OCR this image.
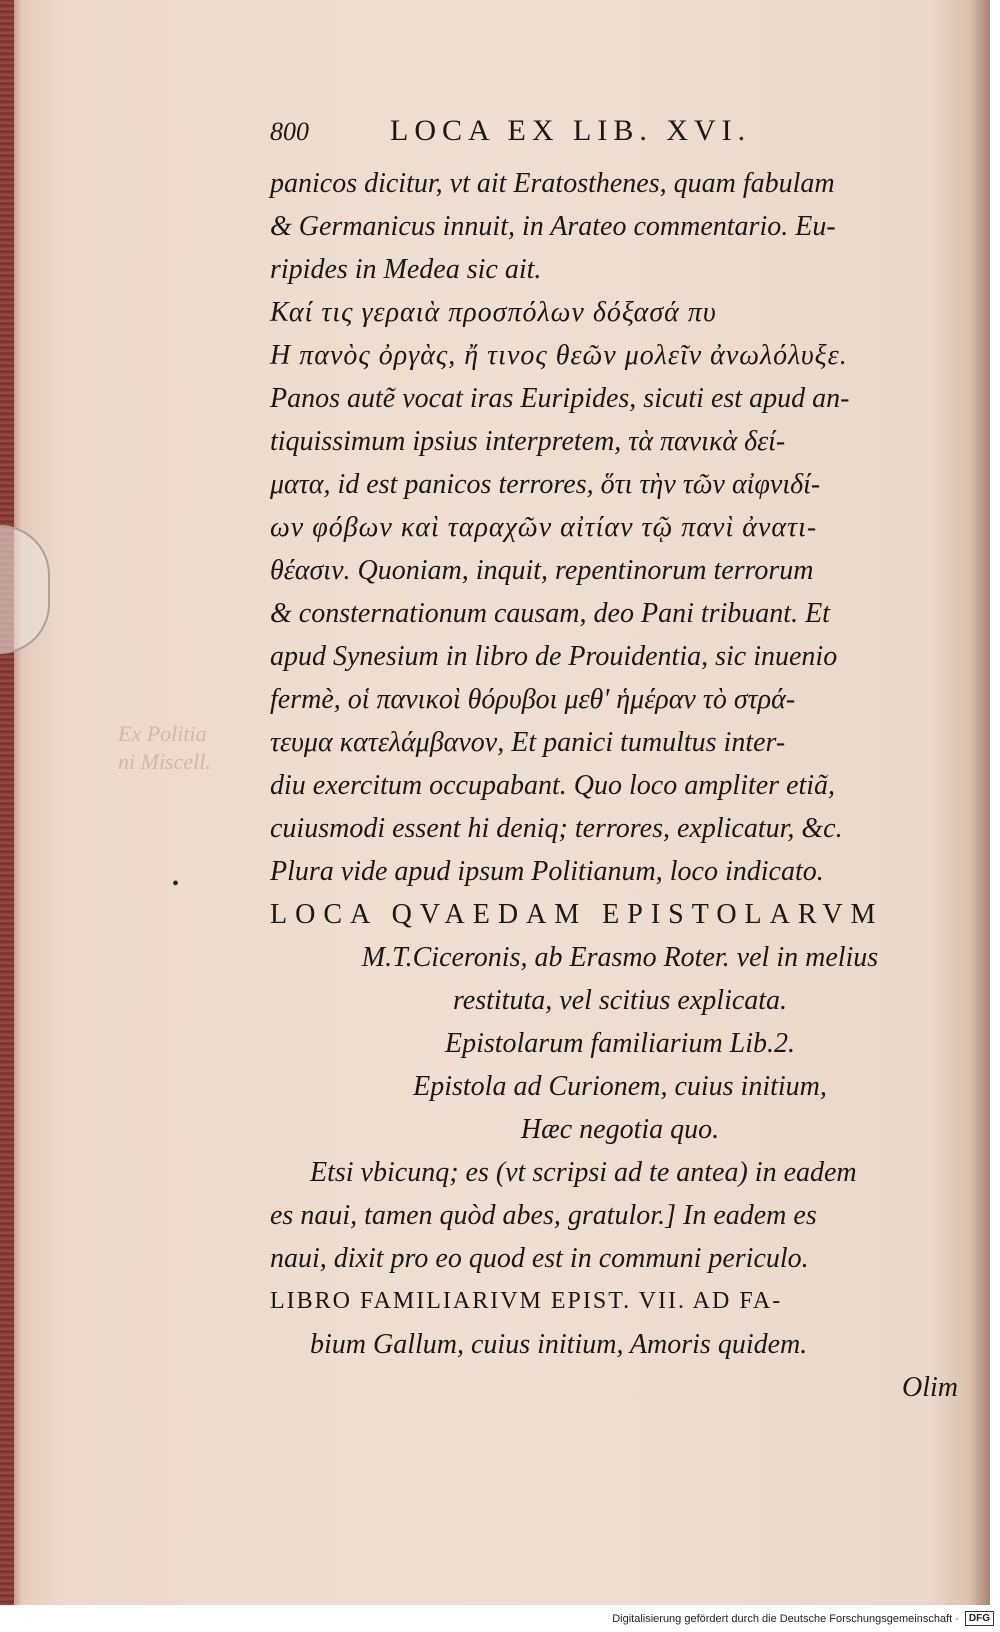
Ex Politia
ni Miscell.
•
800	LOCA EX LIB. XVI.
panicos dicitur, vt ait Eratosthenes, quam fabulam
& Germanicus innuit, in Arateo commentario. Eu-
ripides in Medea sic ait.
Καί τις γεραιὰ προσπόλων δόξασά πυ
Η πανὸς ὀργὰς, ἤ τινος θεῶν μολεῖν ἀνωλόλυξε.
Panos autẽ vocat iras Euripides, sicuti est apud an-
tiquissimum ipsius interpretem, τὰ πανικὰ δεί-
ματα, id est panicos terrores, ὅτι τὴν τῶν αἰφνιδί-
ων φόβων καὶ ταραχῶν αἰτίαν τῷ πανὶ ἀνατι-
θέασιν. Quoniam, inquit, repentinorum terrorum
& consternationum causam, deo Pani tribuant. Et
apud Synesium in libro de Prouidentia, sic inuenio
fermè, οἱ πανικοὶ θόρυβοι μεθ' ἡμέραν τὸ στρά-
τευμα κατελάμβανον, Et panici tumultus inter-
diu exercitum occupabant. Quo loco ampliter etiã,
cuiusmodi essent hi deniq; terrores, explicatur, &c.
Plura vide apud ipsum Politianum, loco indicato.
LOCA QVAEDAM EPISTOLARVM
M.T.Ciceronis, ab Erasmo Roter. vel in melius
restituta, vel scitius explicata.
Epistolarum familiarium Lib.2.
Epistola ad Curionem, cuius initium,
Hæc negotia quo.
Etsi vbicunq; es (vt scripsi ad te antea) in eadem
es naui, tamen quòd abes, gratulor.] In eadem es
naui, dixit pro eo quod est in communi periculo.
LIBRO FAMILIARIVM EPIST. VII. AD FA-
bium Gallum, cuius initium, Amoris quidem.
Olim
Digitalisierung gefördert durch die Deutsche Forschungsgemeinschaft ·	DFG
